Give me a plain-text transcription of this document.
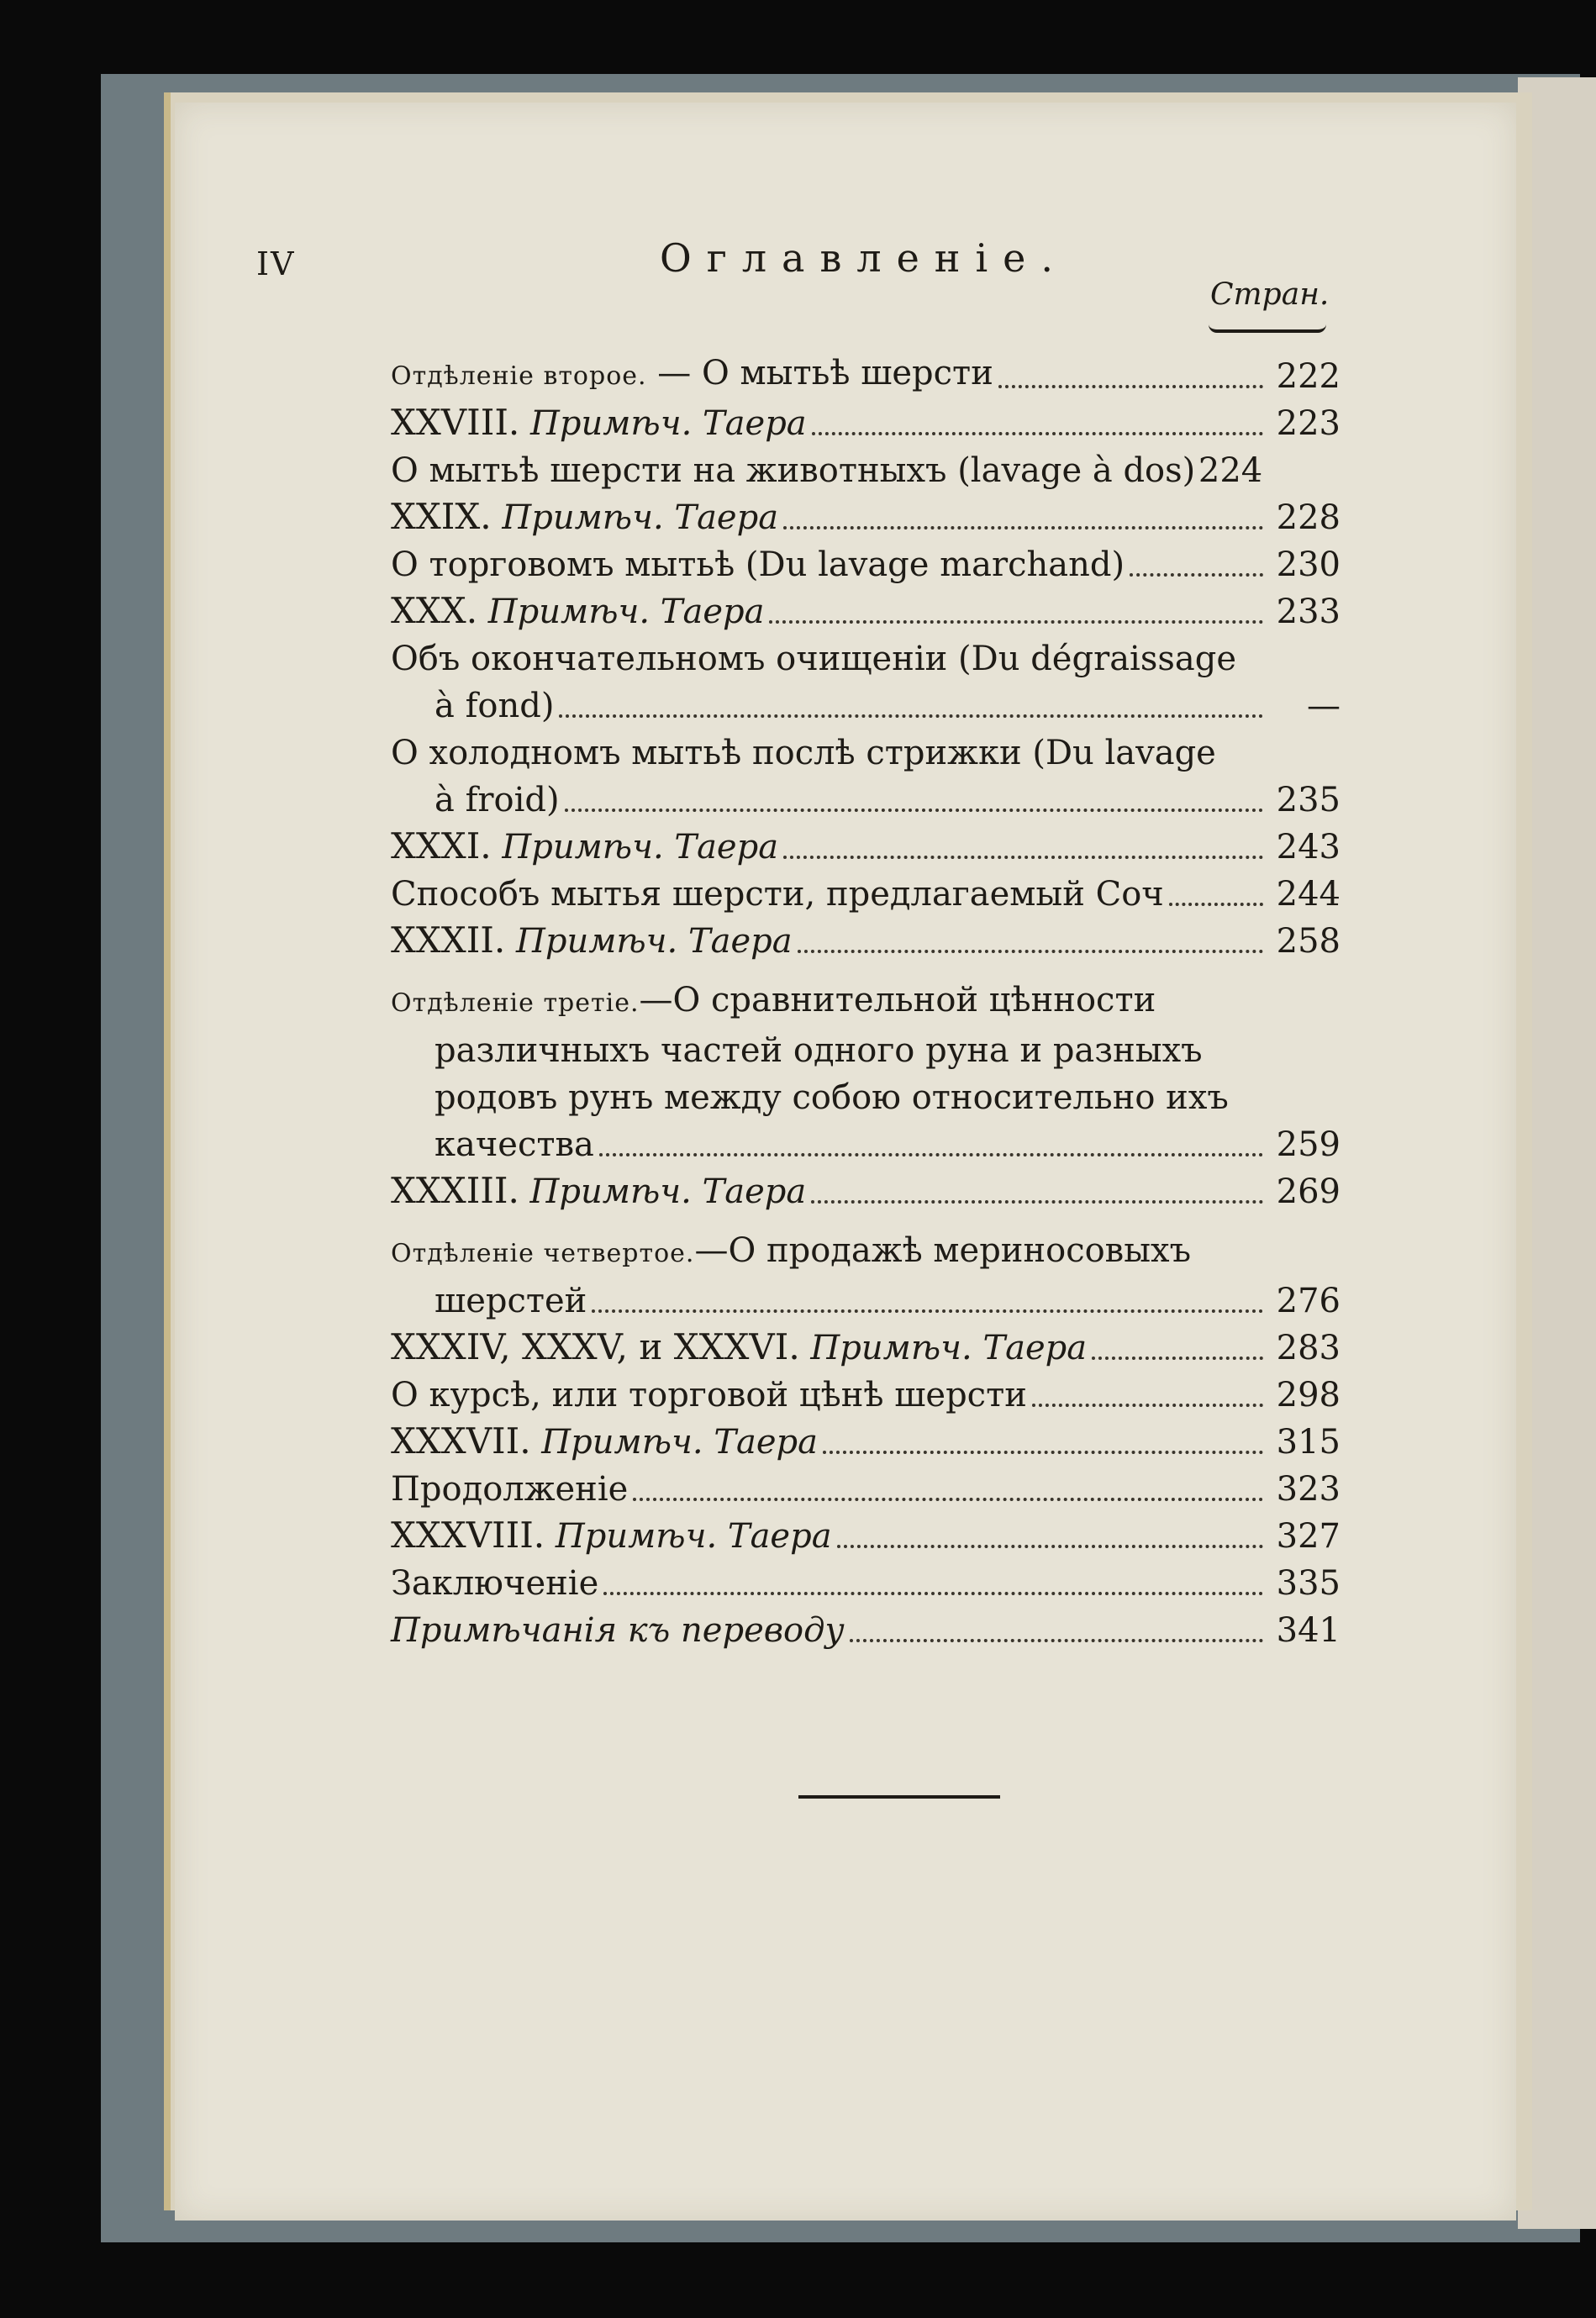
IV	Оглавленіе.
Стран.
Отдѣленіе второе. — О мытьѣ шерсти	222
XXVIII. Примѣч. Таера	223
О мытьѣ шерсти на животныхъ (lavage à dos) 224
XXIX. Примѣч. Таера	228
О торговомъ мытьѣ (Du lavage marchand)	230
XXX. Примѣч. Таера	233
Объ окончательномъ очищеніи (Du dégraissage
à fond)	—
О холодномъ мытьѣ послѣ стрижки (Du lavage
à froid)	235
XXXI. Примѣч. Таера	243
Способъ мытья шерсти, предлагаемый Соч	244
XXXII. Примѣч. Таера	258
Отдѣленіе третіе.—О сравнительной цѣнности
различныхъ частей одного руна и разныхъ
родовъ рунъ между собою относительно ихъ
качества	259
XXXIII. Примѣч. Таера	269
Отдѣленіе четвертое.—О продажѣ мериносовыхъ
шерстей	276
XXXIV, XXXV, и XXXVI. Примѣч. Таера	283
О курсѣ, или торговой цѣнѣ шерсти	298
XXXVII. Примѣч. Таера	315
Продолженіе	323
XXXVIII. Примѣч. Таера	327
Заключеніе	335
Примѣчанія къ переводу	341
